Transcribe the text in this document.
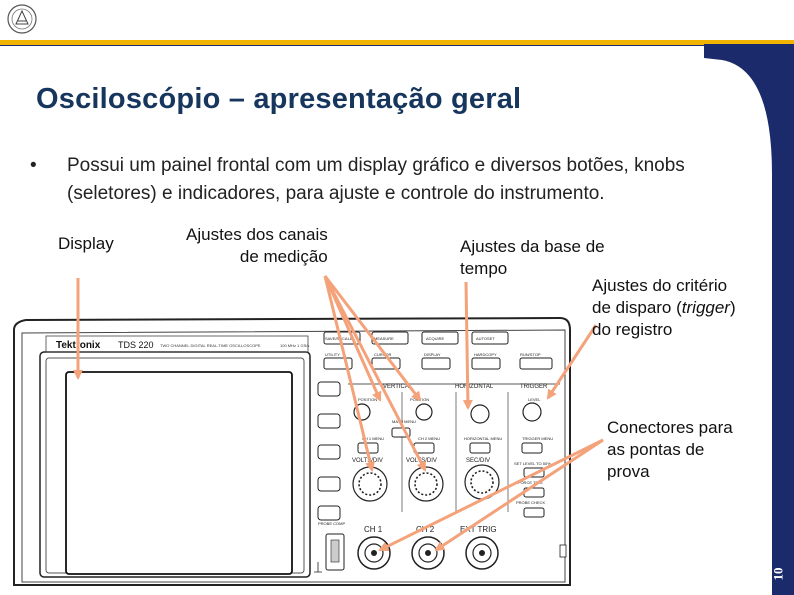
Osciloscópio – apresentação geral
• Possui um painel frontal com um display gráfico e diversos botões, knobs (seletores) e indicadores, para ajuste e controle do instrumento.
Tektronix TDS 220 TWO CHANNEL DIGITAL REAL-TIME OSCILLOSCOPE	100 MHz 1 GS/s
SAVE/RECALL	MEASURE	ACQUIRE	AUTOSET
UTILITY	CURSOR	DISPLAY	HARDCOPY	RUN/STOP
VERTICAL	HORIZONTAL	TRIGGER
POSITION	POSITION	LEVEL
MATH MENU
CH 1 MENU	CH 2 MENU	HORIZONTAL MENU	TRIGGER MENU
VOLTS/DIV	VOLTS/DIV	SEC/DIV	SET LEVEL TO 50%
FORCE TRIG
PROBE CHECK
PROBE COMP
CH 1	CH 2	EXT TRIG
Display	Ajustes dos canais
de medição
Ajustes da base de
tempo
Ajustes do critério
de disparo (trigger)
do registro
Conectores para
as pontas de
prova
10
